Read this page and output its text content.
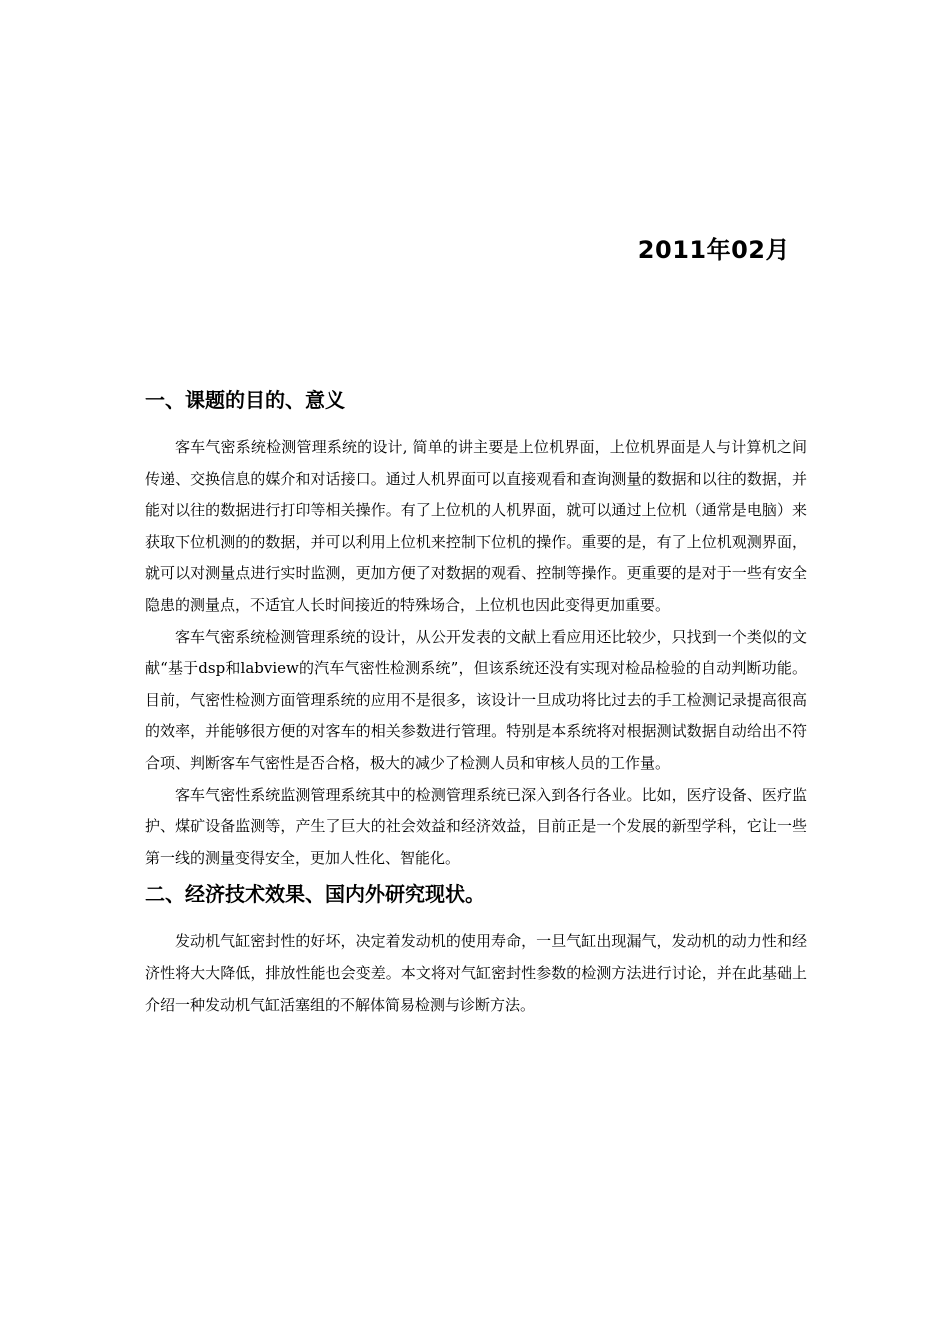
2011年02月
一、课题的目的、意义

客车气密系统检测管理系统的设计, 简单的讲主要是上位机界面，上位机界面是人与计算机之间传递、交换信息的媒介和对话接口。通过人机界面可以直接观看和查询测量的数据和以往的数据，并能对以往的数据进行打印等相关操作。有了上位机的人机界面，就可以通过上位机（通常是电脑）来获取下位机测的的数据，并可以利用上位机来控制下位机的操作。重要的是，有了上位机观测界面，就可以对测量点进行实时监测，更加方便了对数据的观看、控制等操作。更重要的是对于一些有安全隐患的测量点，不适宜人长时间接近的特殊场合，上位机也因此变得更加重要。

客车气密系统检测管理系统的设计，从公开发表的文献上看应用还比较少，只找到一个类似的文献“基于dsp和labview的汽车气密性检测系统”，但该系统还没有实现对检品检验的自动判断功能。目前，气密性检测方面管理系统的应用不是很多，该设计一旦成功将比过去的手工检测记录提高很高的效率，并能够很方便的对客车的相关参数进行管理。特别是本系统将对根据测试数据自动给出不符合项、判断客车气密性是否合格，极大的减少了检测人员和审核人员的工作量。

客车气密性系统监测管理系统其中的检测管理系统已深入到各行各业。比如，医疗设备、医疗监护、煤矿设备监测等，产生了巨大的社会效益和经济效益，目前正是一个发展的新型学科，它让一些第一线的测量变得安全，更加人性化、智能化。

二、经济技术效果、国内外研究现状。

发动机气缸密封性的好坏，决定着发动机的使用寿命，一旦气缸出现漏气，发动机的动力性和经济性将大大降低，排放性能也会变差。本文将对气缸密封性参数的检测方法进行讨论，并在此基础上介绍一种发动机气缸活塞组的不解体简易检测与诊断方法。
